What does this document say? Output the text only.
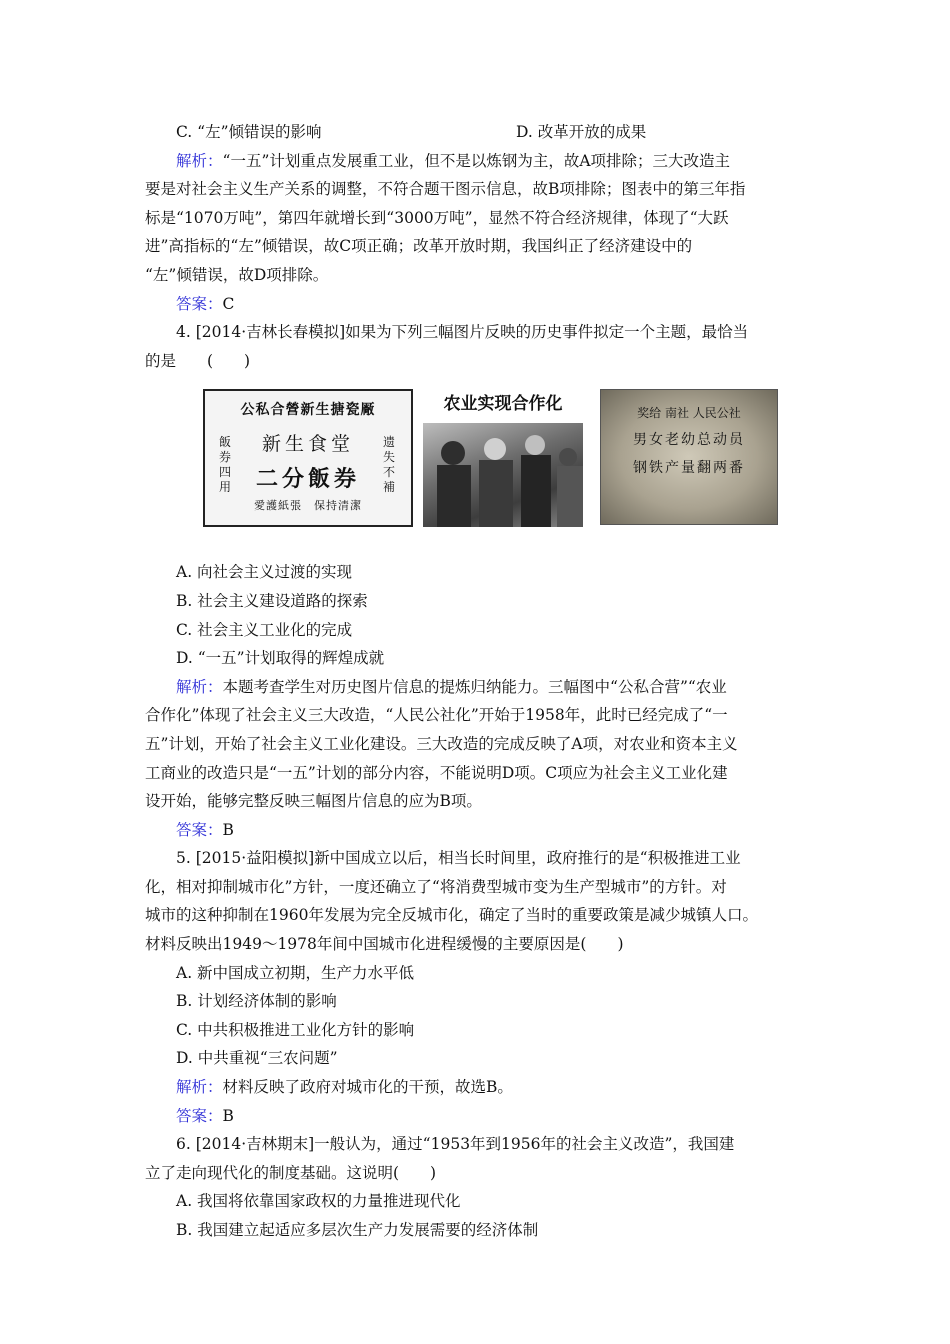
C. “左”倾错误的影响	D. 改革开放的成果
解析：“一五”计划重点发展重工业，但不是以炼钢为主，故A项排除；三大改造主
要是对社会主义生产关系的调整，不符合题干图示信息，故B项排除；图表中的第三年指
标是“1070万吨”，第四年就增长到“3000万吨”，显然不符合经济规律，体现了“大跃
进”高指标的“左”倾错误，故C项正确；改革开放时期，我国纠正了经济建设中的
“左”倾错误，故D项排除。
答案：C
4. [2014·吉林长春模拟]如果为下列三幅图片反映的历史事件拟定一个主题，最恰当
的是　　(　　)
公私合營新生搪瓷厰
飯券四用
遗失不補
新生食堂
二分飯券
愛護紙張　保持清潔
农业实现合作化	奖给 南社 人民公社
男女老幼总动员
钢铁产量翻两番
A. 向社会主义过渡的实现
B. 社会主义建设道路的探索
C. 社会主义工业化的完成
D. “一五”计划取得的辉煌成就
解析：本题考查学生对历史图片信息的提炼归纳能力。三幅图中“公私合营”“农业
合作化”体现了社会主义三大改造，“人民公社化”开始于1958年，此时已经完成了“一
五”计划，开始了社会主义工业化建设。三大改造的完成反映了A项，对农业和资本主义
工商业的改造只是“一五”计划的部分内容，不能说明D项。C项应为社会主义工业化建
设开始，能够完整反映三幅图片信息的应为B项。
答案：B
5. [2015·益阳模拟]新中国成立以后，相当长时间里，政府推行的是“积极推进工业
化，相对抑制城市化”方针，一度还确立了“将消费型城市变为生产型城市”的方针。对
城市的这种抑制在1960年发展为完全反城市化，确定了当时的重要政策是减少城镇人口。
材料反映出1949～1978年间中国城市化进程缓慢的主要原因是(　　)
A. 新中国成立初期，生产力水平低
B. 计划经济体制的影响
C. 中共积极推进工业化方针的影响
D. 中共重视“三农问题”
解析：材料反映了政府对城市化的干预，故选B。
答案：B
6. [2014·吉林期末]一般认为，通过“1953年到1956年的社会主义改造”，我国建
立了走向现代化的制度基础。这说明(　　)
A. 我国将依靠国家政权的力量推进现代化
B. 我国建立起适应多层次生产力发展需要的经济体制
